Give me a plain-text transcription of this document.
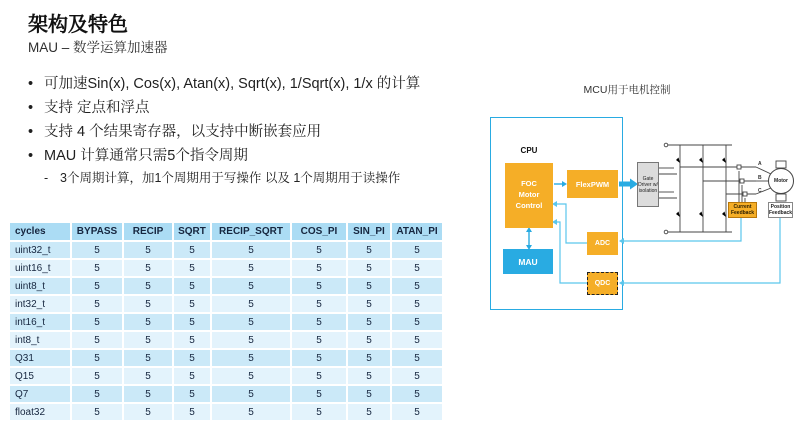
架构及特色
MAU – 数学运算加速器
• 可加速Sin(x), Cos(x), Atan(x), Sqrt(x), 1/Sqrt(x), 1/x 的计算
• 支持 定点和浮点
• 支持 4 个结果寄存器，以支持中断嵌套应用
• MAU 计算通常只需5个指令周期
- 3个周期计算，加1个周期用于写操作 以及 1个周期用于读操作
cycles	BYPASS	RECIP	SQRT	RECIP_SQRT	COS_PI	SIN_PI	ATAN_PI
uint32_t	5	5	5	5	5	5	5
uint16_t	5	5	5	5	5	5	5
uint8_t	5	5	5	5	5	5	5
int32_t	5	5	5	5	5	5	5
int16_t	5	5	5	5	5	5	5
int8_t	5	5	5	5	5	5	5
Q31	5	5	5	5	5	5	5
Q15	5	5	5	5	5	5	5
Q7	5	5	5	5	5	5	5
float32	5	5	5	5	5	5	5
MCU用于电机控制
A
B
C
CPU
FOC Motor Control
FlexPWM
MAU
ADC
QDC
Gate Driver w/ isolation
Motor
Current Feedback
Position Feedback
